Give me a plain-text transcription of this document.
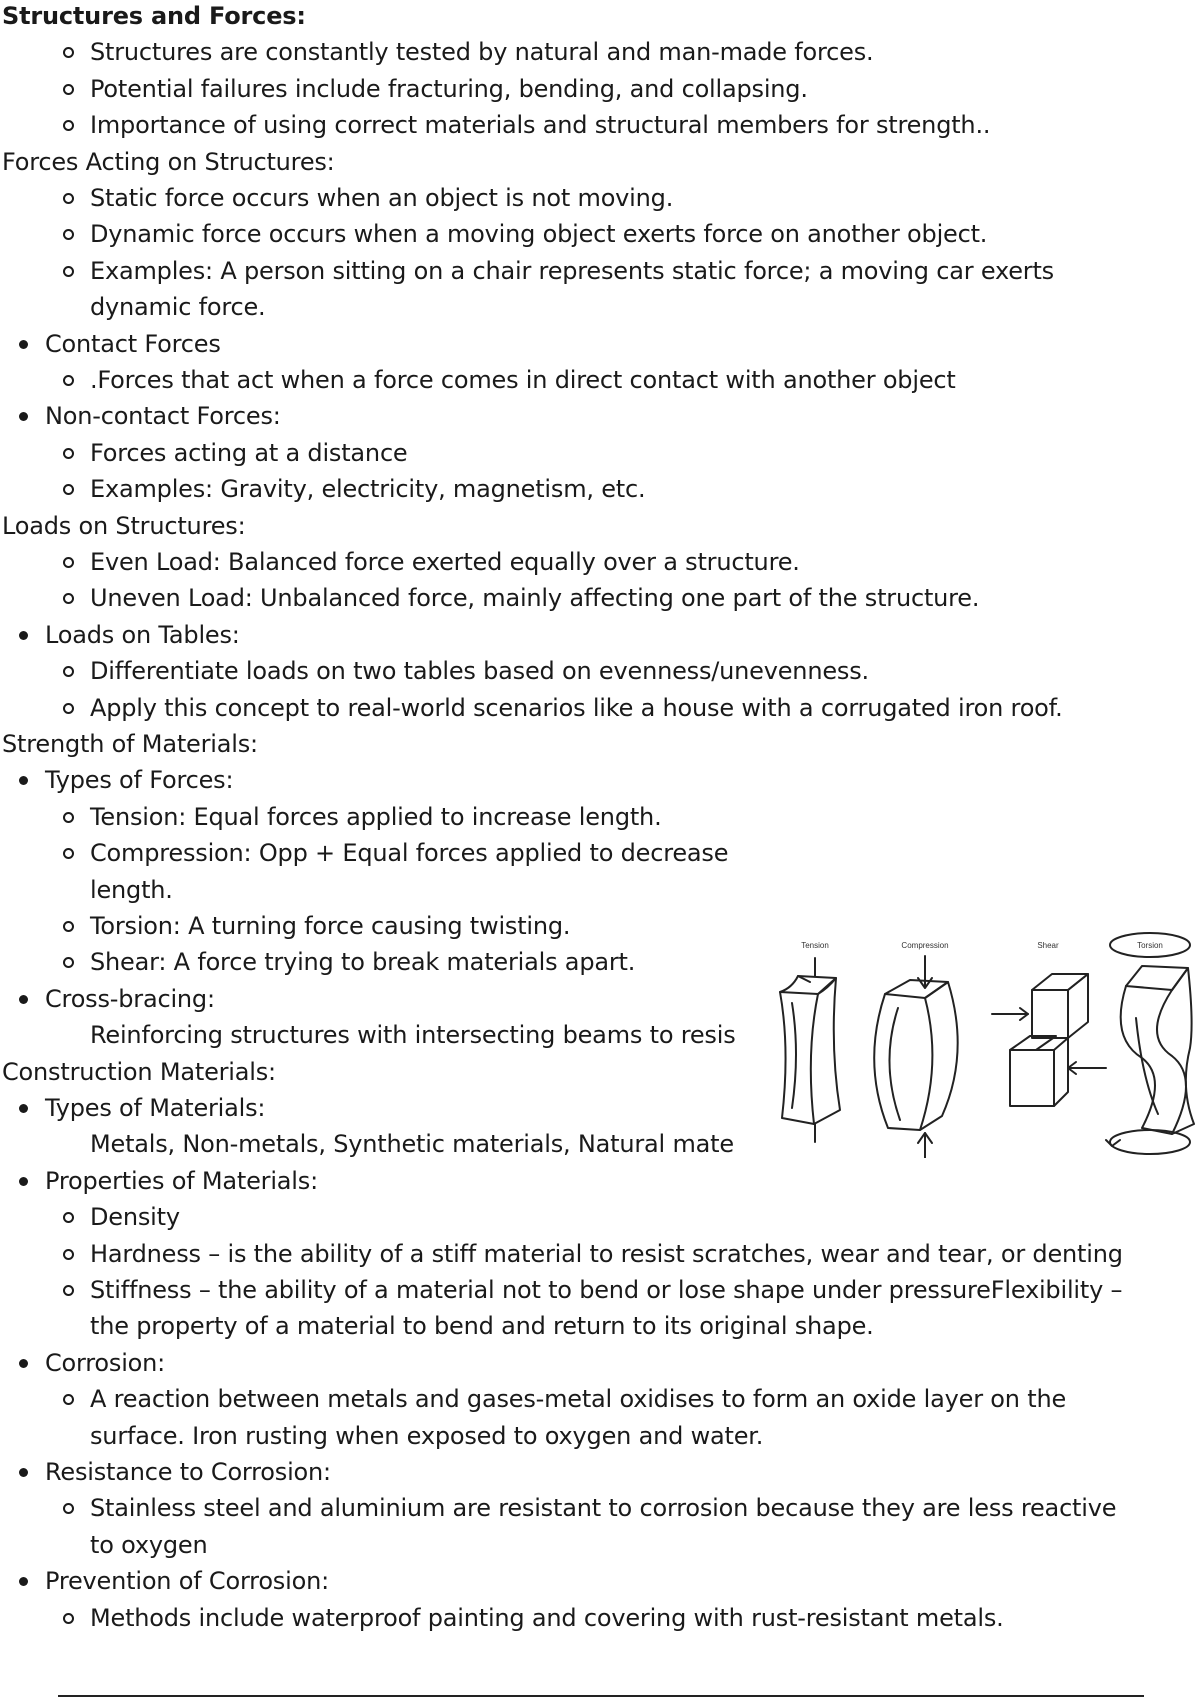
Structures and Forces:
Structures are constantly tested by natural and man-made forces.
Potential failures include fracturing, bending, and collapsing.
Importance of using correct materials and structural members for strength..
Forces Acting on Structures:
Static force occurs when an object is not moving.
Dynamic force occurs when a moving object exerts force on another object.
Examples: A person sitting on a chair represents static force; a moving car exerts
dynamic force.
Contact Forces
.Forces that act when a force comes in direct contact with another object
Non-contact Forces:
Forces acting at a distance
Examples: Gravity, electricity, magnetism, etc.
Loads on Structures:
Even Load: Balanced force exerted equally over a structure.
Uneven Load: Unbalanced force, mainly affecting one part of the structure.
Loads on Tables:
Differentiate loads on two tables based on evenness/unevenness.
Apply this concept to real-world scenarios like a house with a corrugated iron roof.
Strength of Materials:
Types of Forces:
Tension: Equal forces applied to increase length.
Compression: Opp + Equal forces applied to decrease
length.
Torsion: A turning force causing twisting.
Shear: A force trying to break materials apart.
Cross-bracing:
Reinforcing structures with intersecting beams to resis
Construction Materials:
Types of Materials:
Metals, Non-metals, Synthetic materials, Natural mate
Properties of Materials:
Density
Hardness – is the ability of a stiff material to resist scratches, wear and tear, or denting
Stiffness – the ability of a material not to bend or lose shape under pressureFlexibility –
the property of a material to bend and return to its original shape.
Corrosion:
A reaction between metals and gases-metal oxidises to form an oxide layer on the
surface. Iron rusting when exposed to oxygen and water.
Resistance to Corrosion:
Stainless steel and aluminium are resistant to corrosion because they are less reactive
to oxygen
Prevention of Corrosion:
Methods include waterproof painting and covering with rust-resistant metals.
Tension	Compression	Shear	Torsion
